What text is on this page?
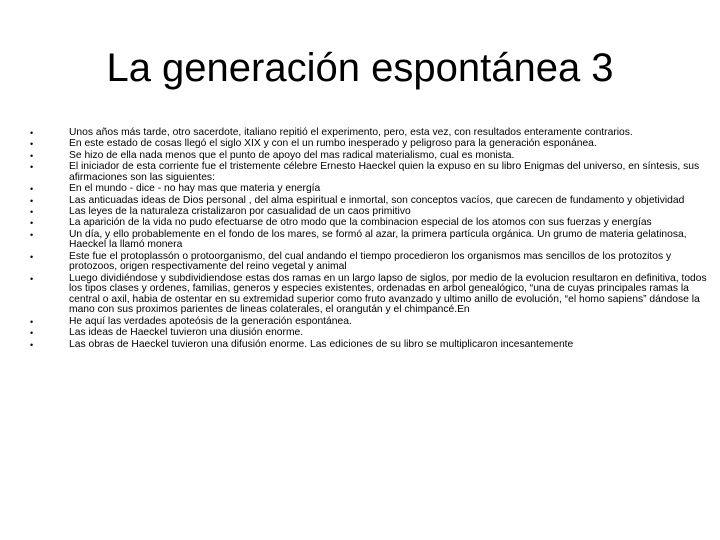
La generación espontánea 3
•	Unos años más tarde, otro sacerdote, italiano repitió el experimento, pero, esta vez, con resultados enteramente contrarios.
•	En este estado de cosas llegó el siglo XIX y con el un rumbo inesperado y peligroso para la generación esponánea.
•	Se hizo de ella nada menos que el punto de apoyo del mas radical materialismo, cual es monista.
•	El iniciador de esta corriente fue el tristemente célebre Ernesto Haeckel quien la expuso en su libro Enigmas del universo, en síntesis, sus afirmaciones son las siguientes:
•	En el mundo - dice - no hay mas que materia y energía
•	Las anticuadas ideas de Dios personal , del alma espiritual e inmortal, son conceptos vacíos, que carecen de fundamento y objetividad
•	Las leyes de la naturaleza cristalizaron por casualidad de un caos primitivo
•	La aparición de la vida no pudo efectuarse de otro modo que la combinacion especial de los atomos con sus fuerzas y energías
•	Un día, y ello probablemente en el fondo de los mares, se formó al azar, la primera partícula orgánica. Un grumo de materia gelatinosa, Haeckel la llamó monera
•	Este fue el protoplassón o protoorganismo, del cual andando el tiempo procedieron los organismos mas sencillos de los protozitos y protozoos, origen respectivamente del reino vegetal y animal
•	Luego dividiéndose y subdividiendose estas dos ramas en un largo lapso de siglos, por medio de la evolucion resultaron en definitiva, todos los tipos clases y ordenes, familias, generos y especies existentes, ordenadas en arbol genealógico, “una de cuyas principales ramas la central o axil, habia de ostentar en su extremidad superior como fruto avanzado y ultimo anillo de evolución, “el homo sapiens” dándose la mano con sus proximos parientes de lineas colaterales, el orangután y el chimpancé.En
•	He aquí las verdades apoteósis de la generación espontánea.
•	Las ideas de Haeckel tuvieron una diusión enorme.
•	Las obras de Haeckel tuvieron una difusión enorme. Las ediciones de su libro se multiplicaron incesantemente
